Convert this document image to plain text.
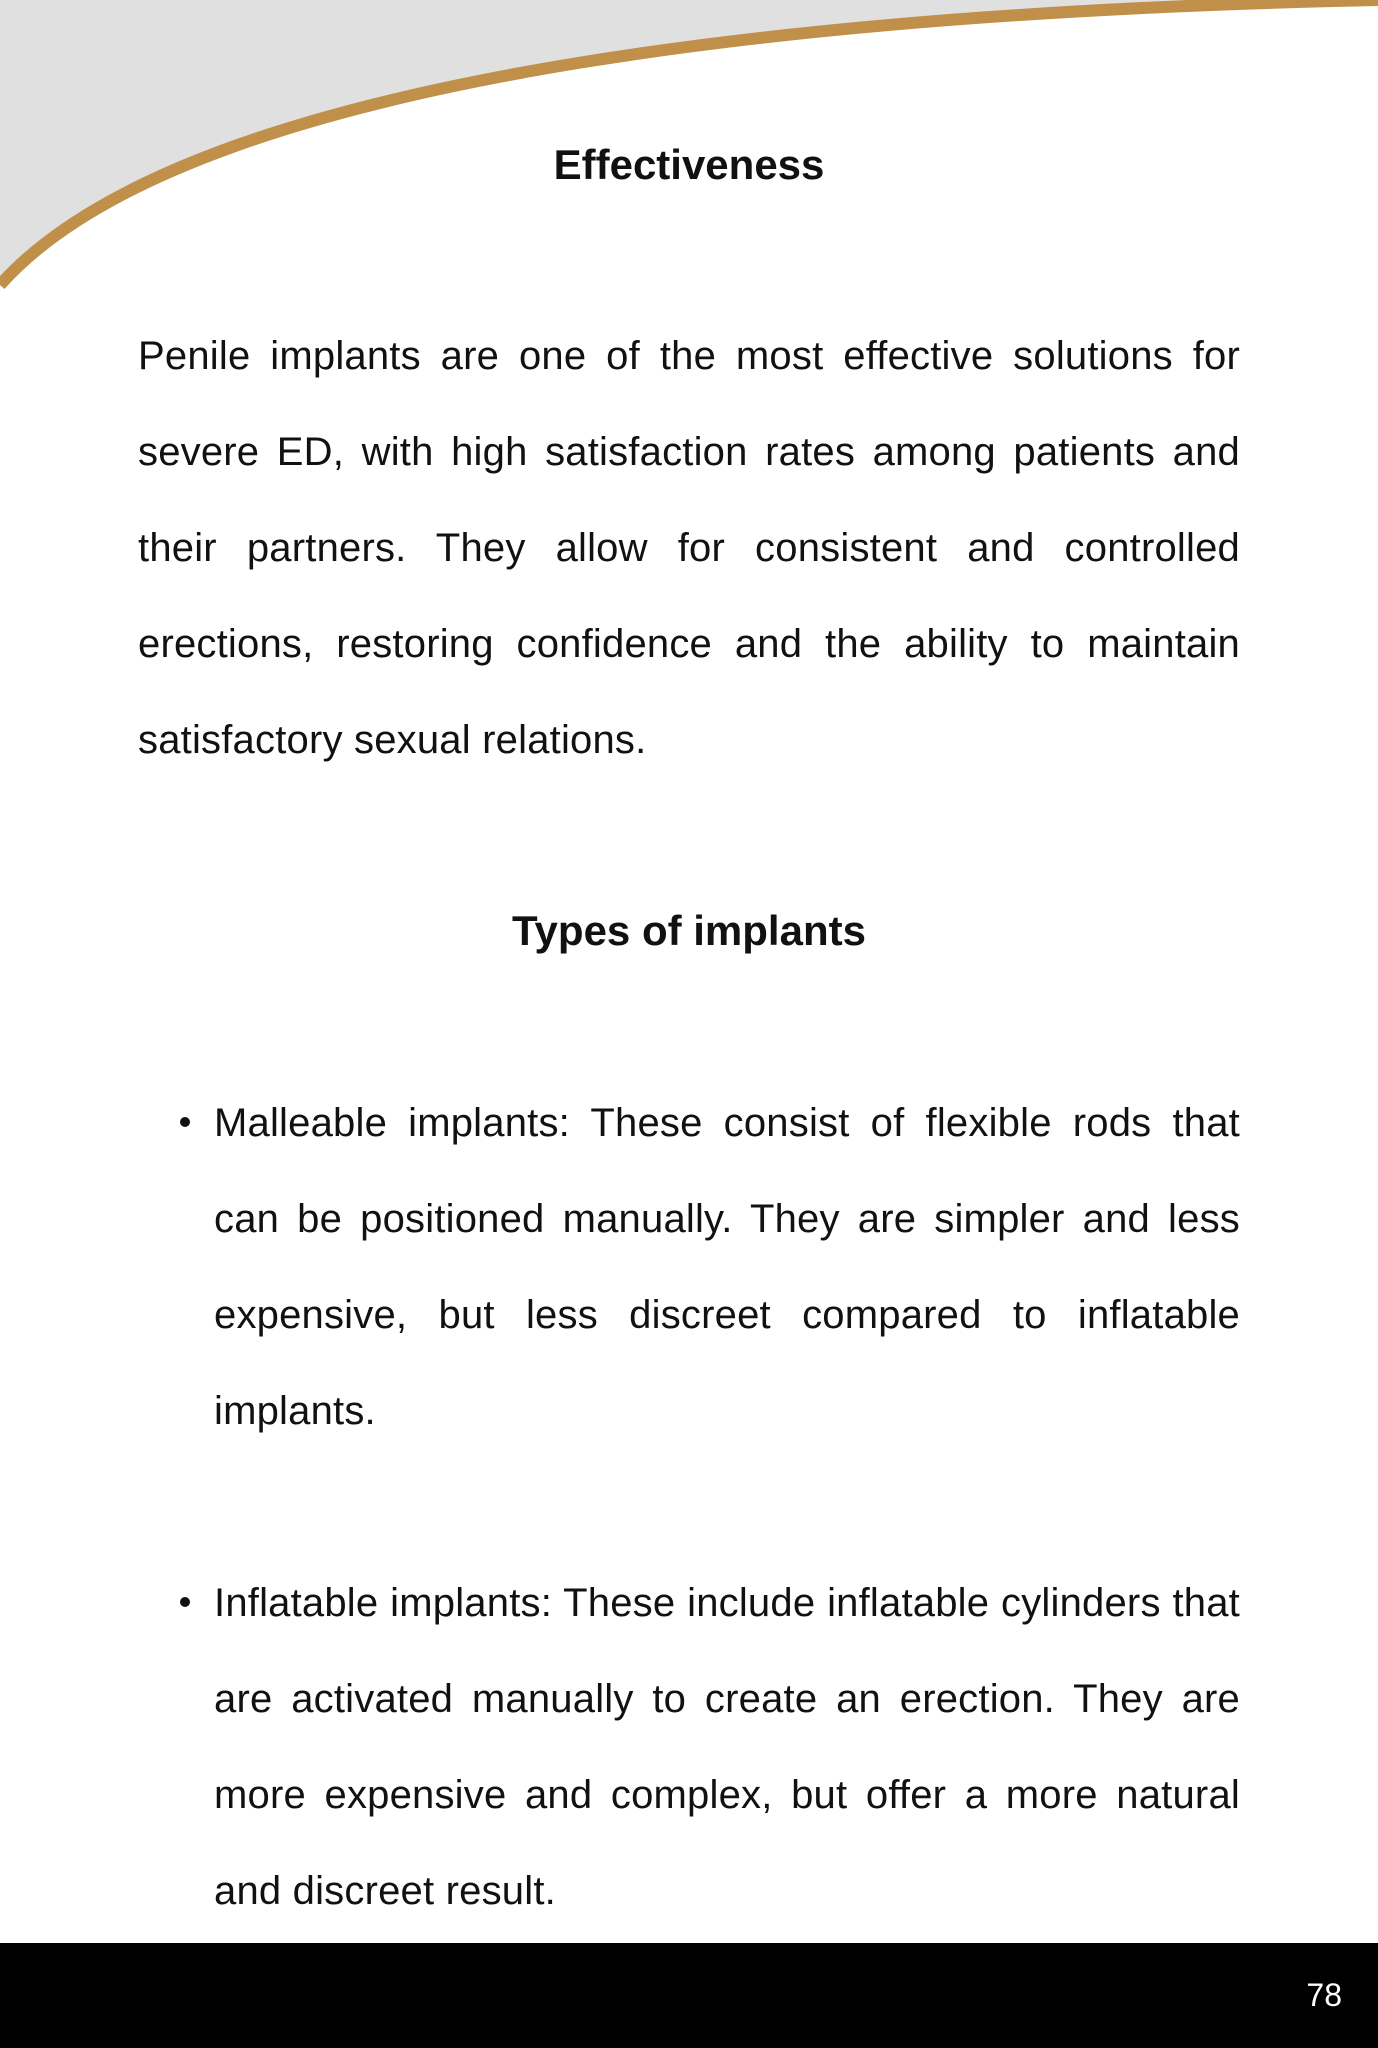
Effectiveness

Penile implants are one of the most effective solutions for severe ED, with high satisfaction rates among patients and their partners. They allow for consistent and controlled erections, restoring confidence and the ability to maintain satisfactory sexual relations.

Types of implants
Malleable implants: These consist of flexible rods that can be positioned manually. They are simpler and less expensive, but less discreet compared to inflatable implants.
Inflatable implants: These include inflatable cylinders that are activated manually to create an erection. They are more expensive and complex, but offer a more natural and discreet result.
78
